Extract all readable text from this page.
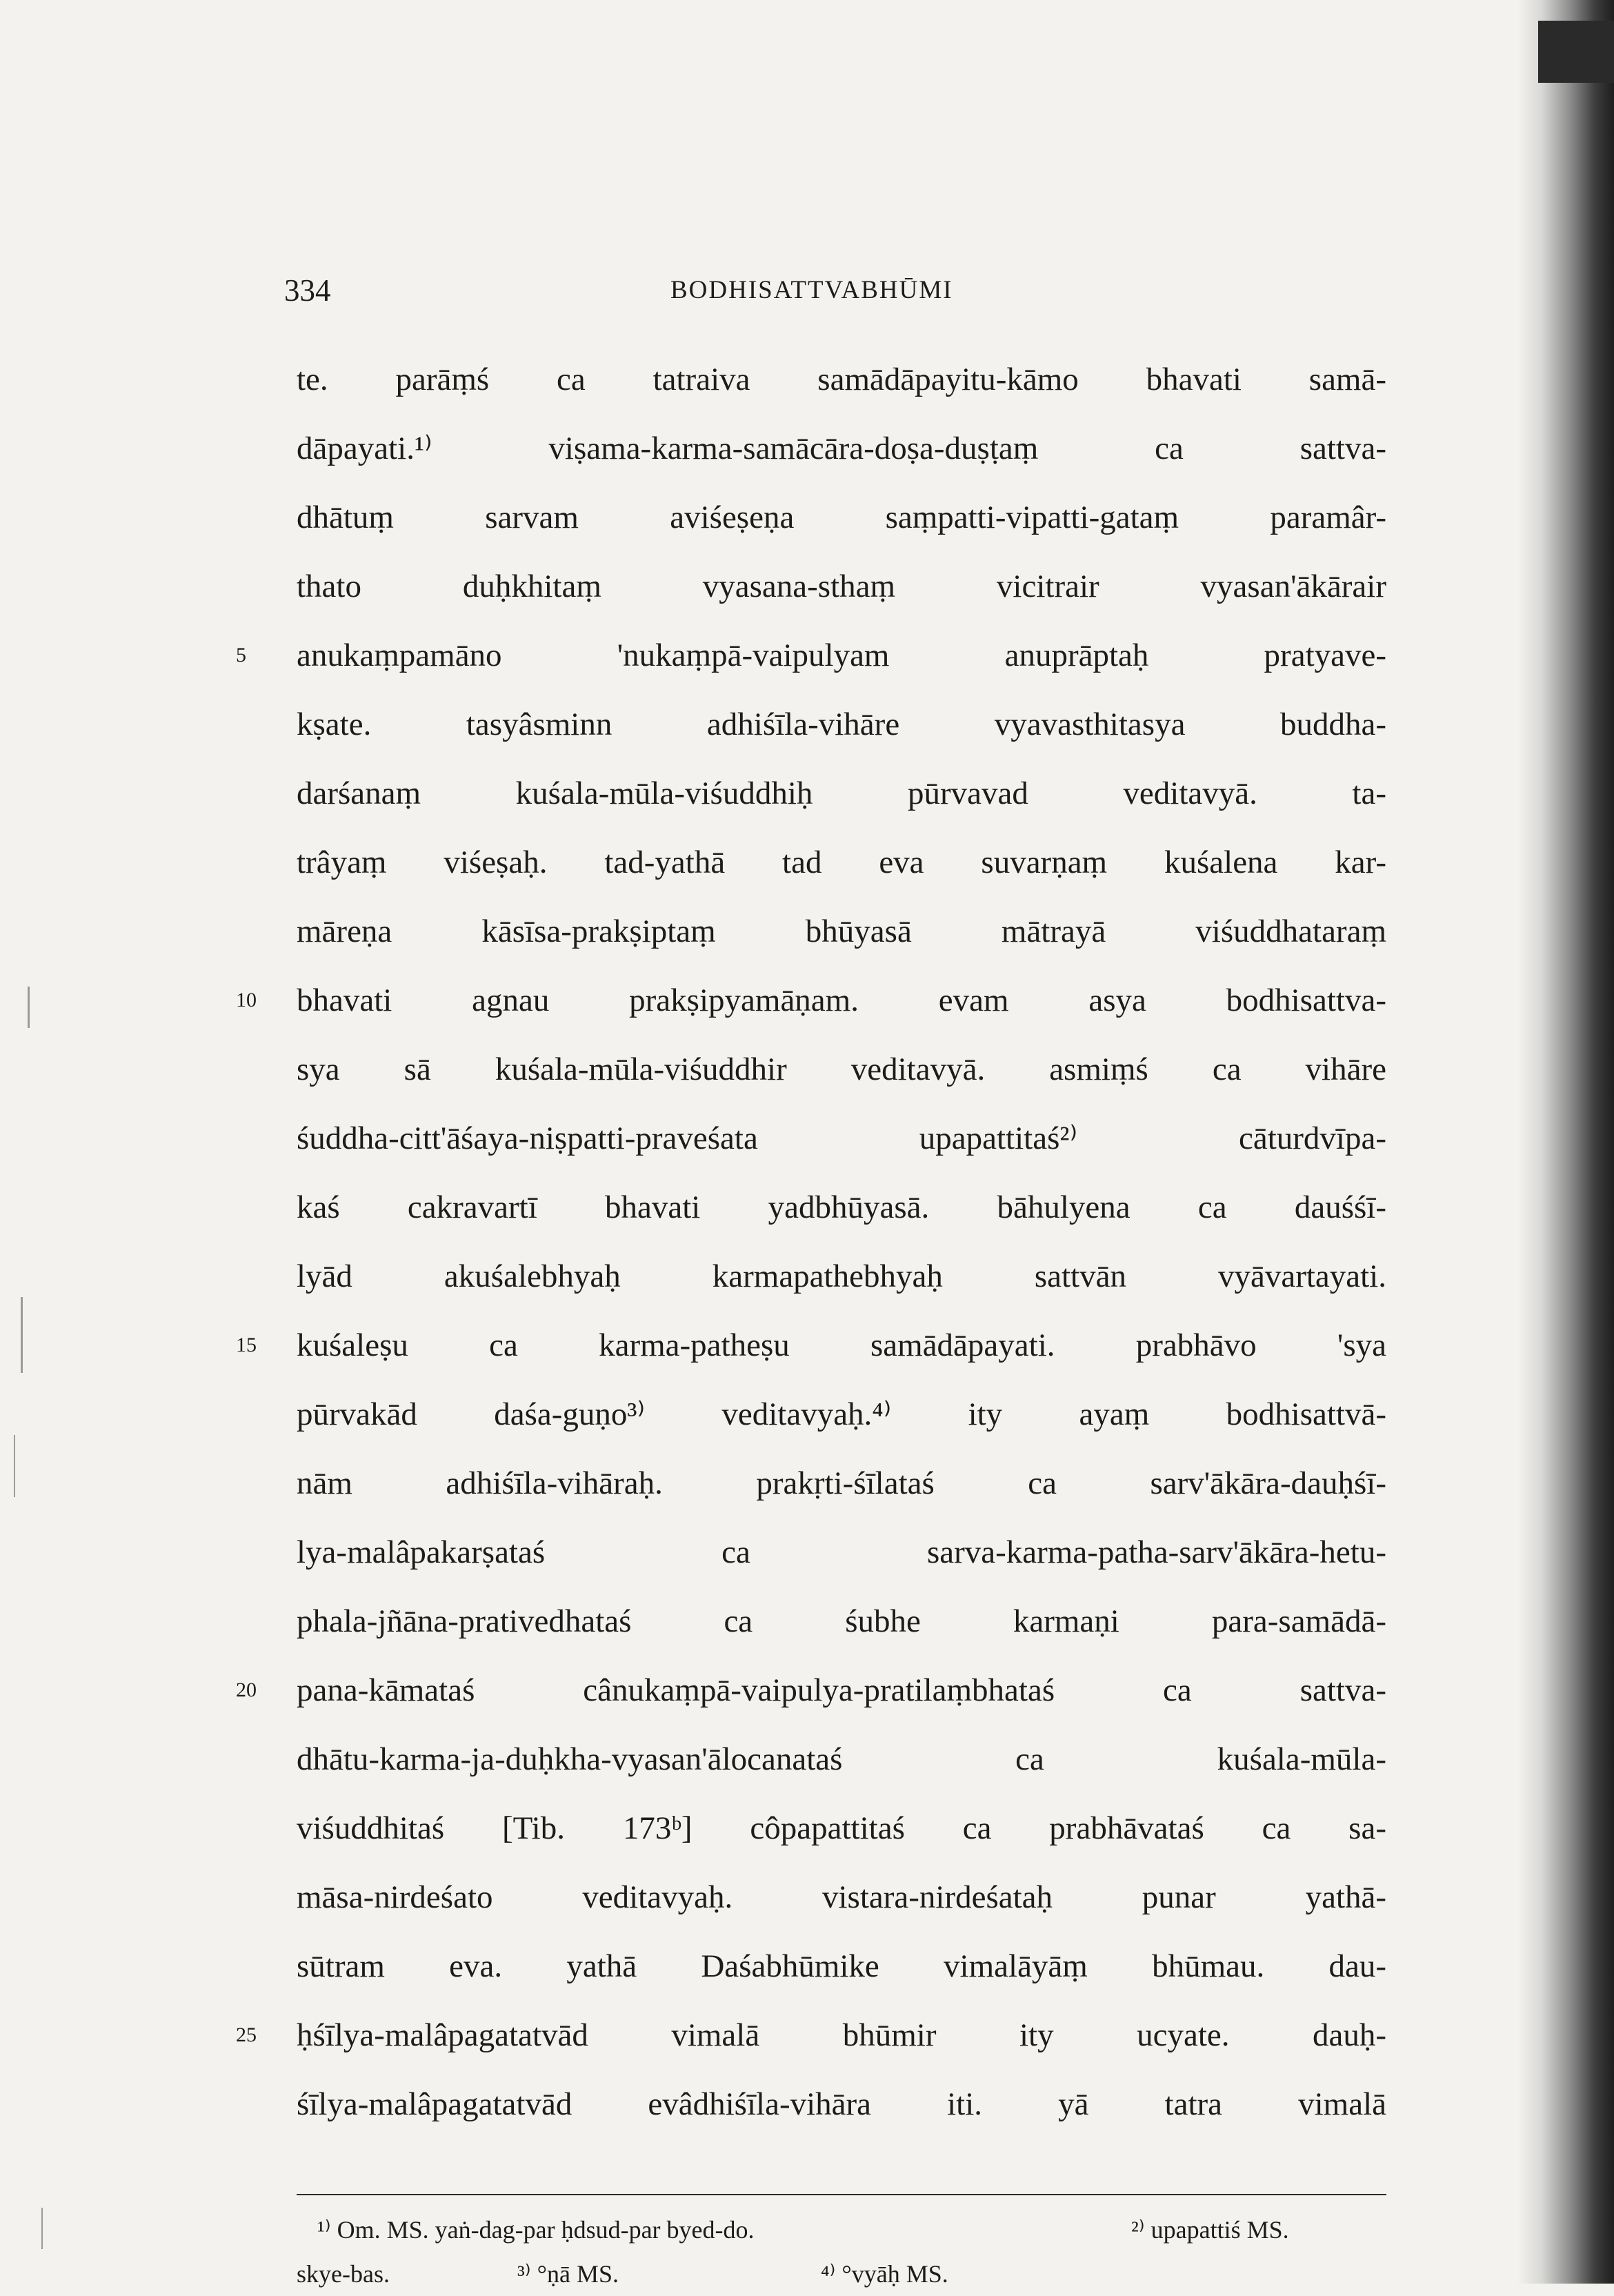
334	BODHISATTVABHŪMI
te. parāṃś ca tatraiva samādāpayitu-kāmo bhavati samā-
dāpayati.¹⁾ viṣama-karma-samācāra-doṣa-duṣṭaṃ ca sattva-
dhātuṃ sarvam aviśeṣeṇa saṃpatti-vipatti-gataṃ paramâr-
thato duḥkhitaṃ vyasana-sthaṃ vicitrair vyasan'ākārair
5 anukaṃpamāno 'nukaṃpā-vaipulyam anuprāptaḥ pratyave-
kṣate. tasyâsminn adhiśīla-vihāre vyavasthitasya buddha-
darśanaṃ kuśala-mūla-viśuddhiḥ pūrvavad veditavyā. ta-
trâyaṃ viśeṣaḥ. tad-yathā tad eva suvarṇaṃ kuśalena kar-
māreṇa kāsīsa-prakṣiptaṃ bhūyasā mātrayā viśuddhataraṃ
10 bhavati agnau prakṣipyamāṇam. evam asya bodhisattva-
sya sā kuśala-mūla-viśuddhir veditavyā. asmiṃś ca vihāre
śuddha-citt'āśaya-niṣpatti-praveśata upapattitaś²⁾ cāturdvīpa-
kaś cakravartī bhavati yadbhūyasā. bāhulyena ca dauśśī-
lyād akuśalebhyaḥ karmapathebhyaḥ sattvān vyāvartayati.
15 kuśaleṣu ca karma-patheṣu samādāpayati. prabhāvo 'sya
pūrvakād daśa-guṇo³⁾ veditavyaḥ.⁴⁾ ity ayaṃ bodhisattvā-
nām adhiśīla-vihāraḥ. prakṛti-śīlataś ca sarv'ākāra-dauḥśī-
lya-malâpakarṣataś ca sarva-karma-patha-sarv'ākāra-hetu-
phala-jñāna-prativedhataś ca śubhe karmaṇi para-samādā-
20 pana-kāmataś cânukaṃpā-vaipulya-pratilaṃbhataś ca sattva-
dhātu-karma-ja-duḥkha-vyasan'ālocanataś ca kuśala-mūla-
viśuddhitaś [Tib. 173ᵇ] côpapattitaś ca prabhāvataś ca sa-
māsa-nirdeśato veditavyaḥ. vistara-nirdeśataḥ punar yathā-
sūtram eva. yathā Daśabhūmike vimalāyāṃ bhūmau. dau-
25 ḥśīlya-malâpagatatvād vimalā bhūmir ity ucyate. dauḥ-
śīlya-malâpagatatvād evâdhiśīla-vihāra iti. yā tatra vimalā
¹⁾ Om. MS. yaṅ-dag-par ḥdsud-par byed-do.	²⁾ upapattiś MS.
skye-bas.	³⁾ °ṇā MS.	⁴⁾ °vyāḥ MS.
